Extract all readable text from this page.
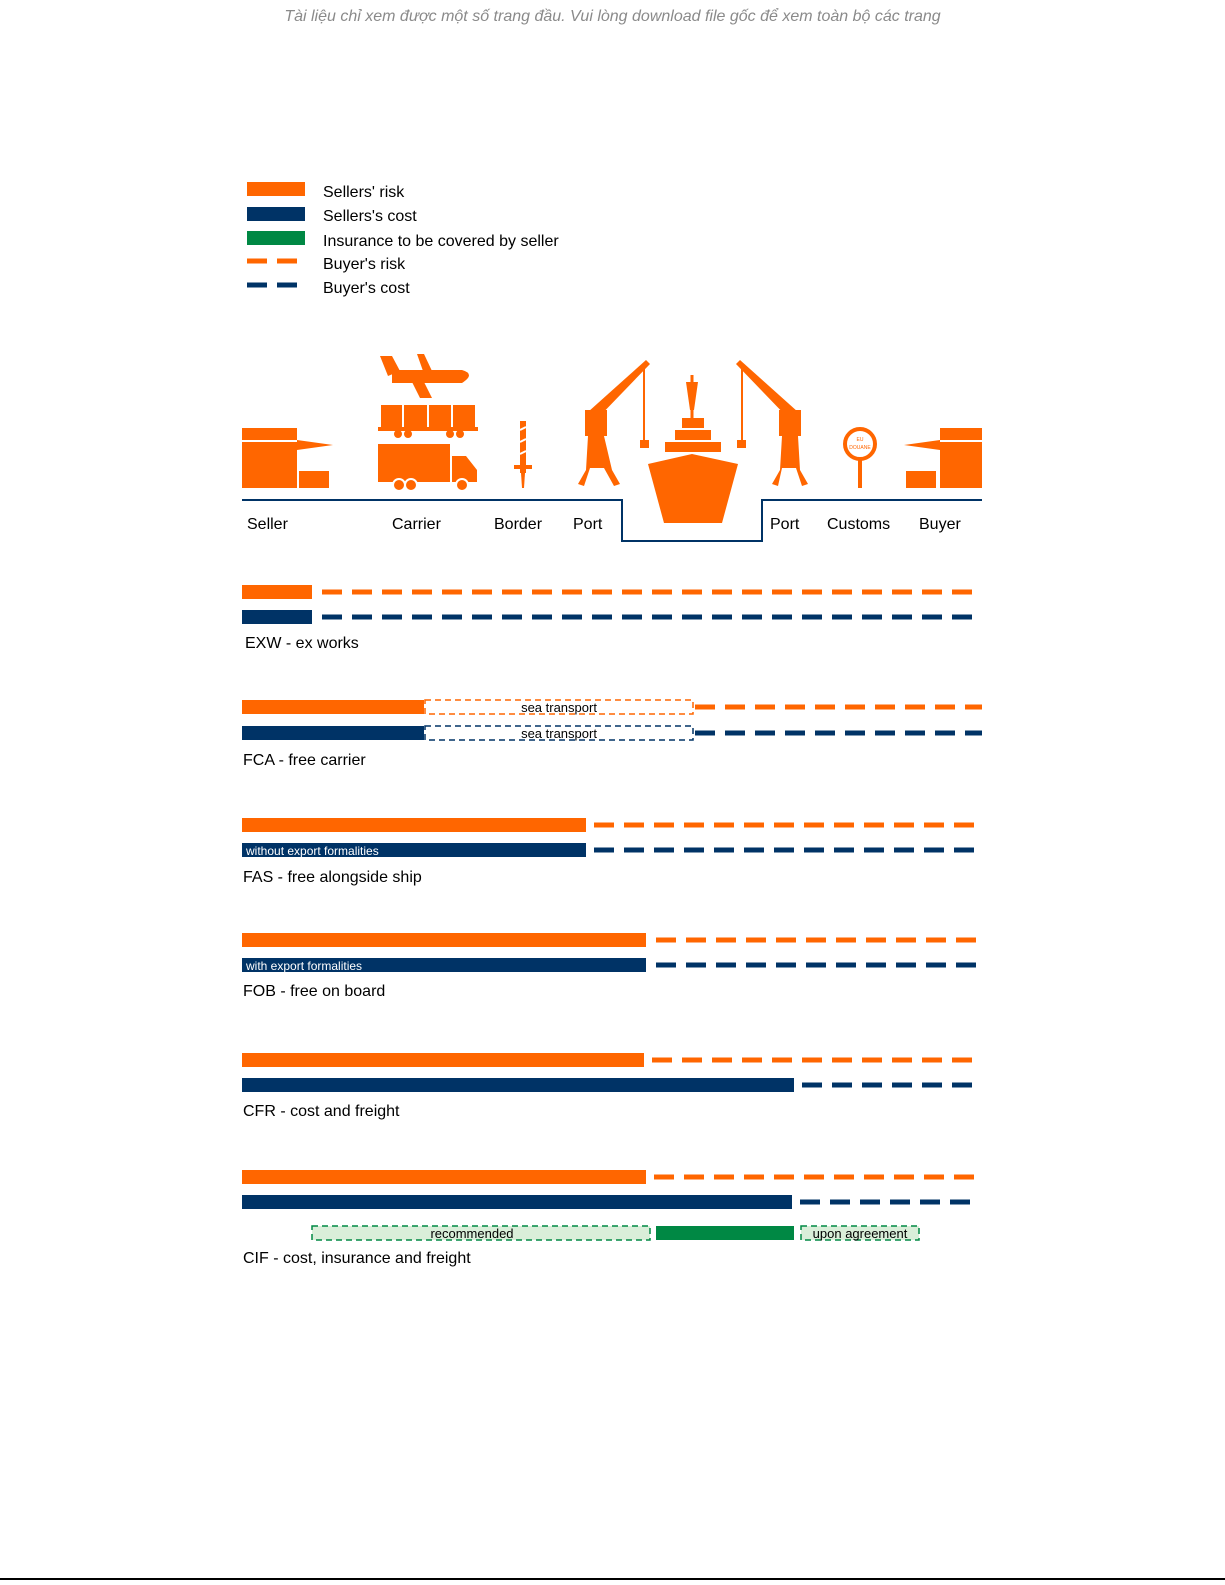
Tài liệu chỉ xem được một số trang đầu. Vui lòng download file gốc để xem toàn bộ các trang
Sellers' risk
Sellers's cost
Insurance to be covered by seller
Buyer's risk
Buyer's cost
EU
DOUANE
Seller	Carrier	Border Port	Port Customs Buyer
EXW - ex works
sea transport
sea transport
FCA - free carrier
without export formalities
FAS - free alongside ship
with export formalities
FOB - free on board
CFR - cost and freight
recommended	upon agreement
CIF - cost, insurance and freight
